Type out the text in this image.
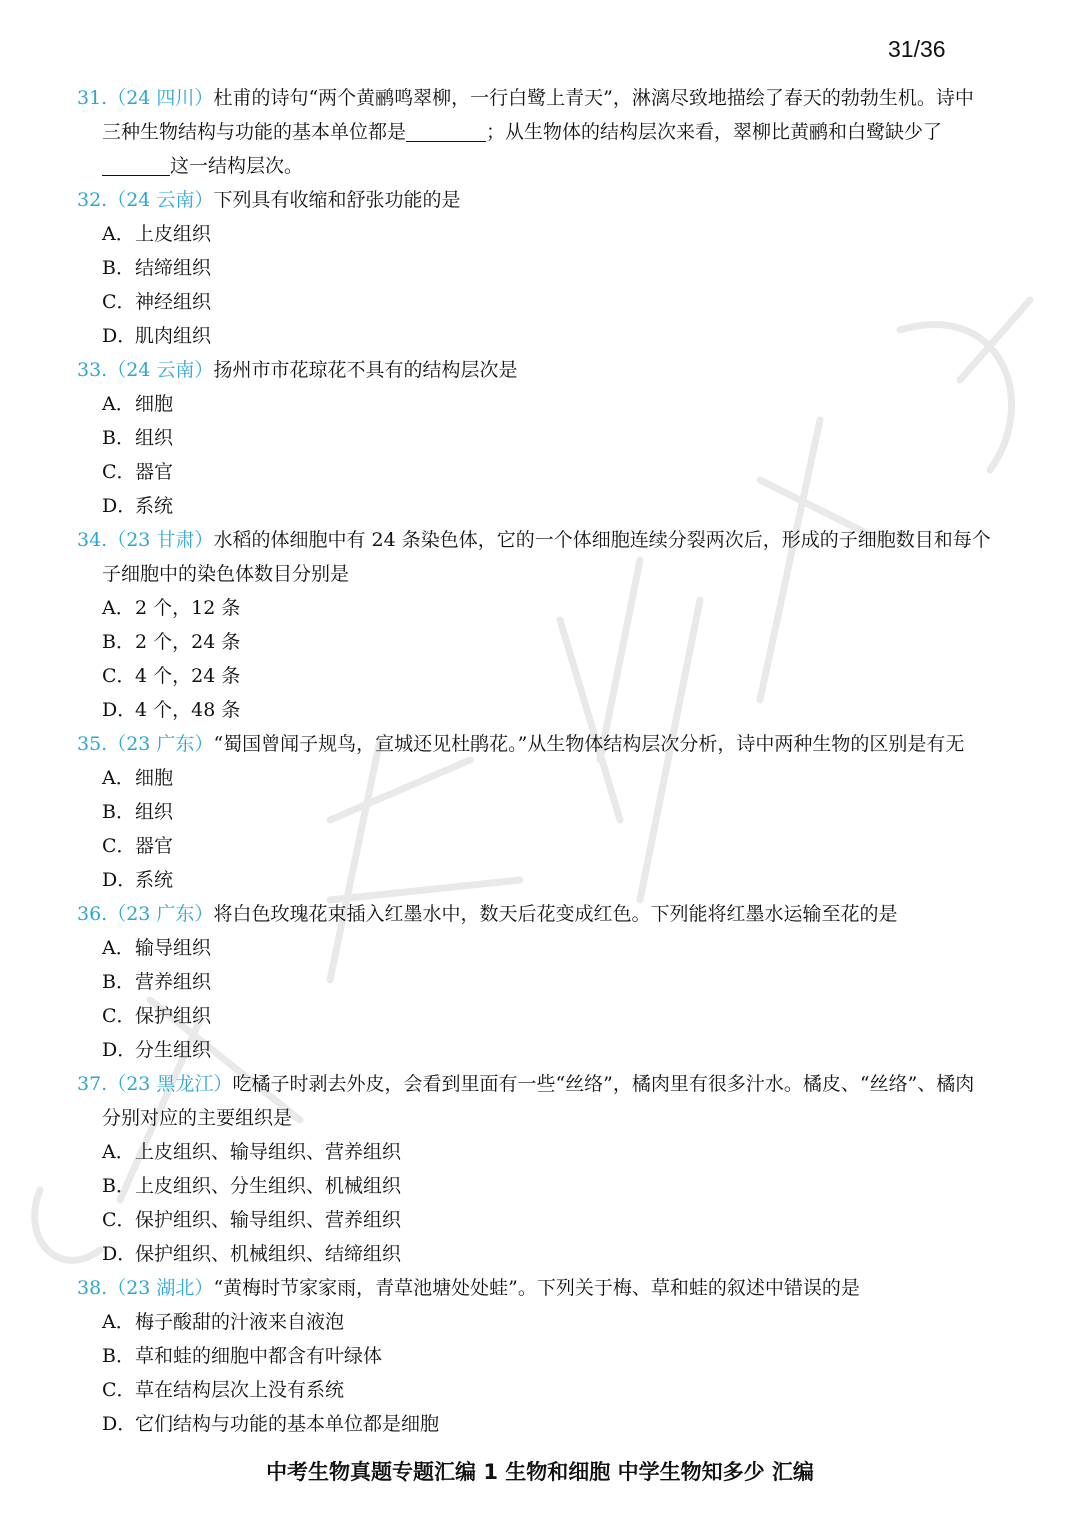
31/36
31.（24 四川）杜甫的诗句“两个黄鹂鸣翠柳，一行白鹭上青天”，淋漓尽致地描绘了春天的勃勃生机。诗中
三种生物结构与功能的基本单位都是	；从生物体的结构层次来看，翠柳比黄鹂和白鹭缺少了
这一结构层次。
32.（24 云南）下列具有收缩和舒张功能的是
A．上皮组织
B．结缔组织
C．神经组织
D．肌肉组织
33.（24 云南）扬州市市花琼花不具有的结构层次是
A．细胞
B．组织
C．器官
D．系统
34.（23 甘肃）水稻的体细胞中有 24 条染色体，它的一个体细胞连续分裂两次后，形成的子细胞数目和每个
子细胞中的染色体数目分别是
A．2 个，12 条
B．2 个，24 条
C．4 个，24 条
D．4 个，48 条
35.（23 广东）“蜀国曾闻子规鸟，宣城还见杜鹃花。”从生物体结构层次分析，诗中两种生物的区别是有无
A．细胞
B．组织
C．器官
D．系统
36.（23 广东）将白色玫瑰花束插入红墨水中，数天后花变成红色。下列能将红墨水运输至花的是
A．输导组织
B．营养组织
C．保护组织
D．分生组织
37.（23 黑龙江）吃橘子时剥去外皮，会看到里面有一些“丝络”，橘肉里有很多汁水。橘皮、“丝络”、橘肉
分别对应的主要组织是
A．上皮组织、输导组织、营养组织
B．上皮组织、分生组织、机械组织
C．保护组织、输导组织、营养组织
D．保护组织、机械组织、结缔组织
38.（23 湖北）“黄梅时节家家雨，青草池塘处处蛙”。下列关于梅、草和蛙的叙述中错误的是
A．梅子酸甜的汁液来自液泡
B．草和蛙的细胞中都含有叶绿体
C．草在结构层次上没有系统
D．它们结构与功能的基本单位都是细胞
中考生物真题专题汇编 1 生物和细胞 中学生物知多少 汇编
